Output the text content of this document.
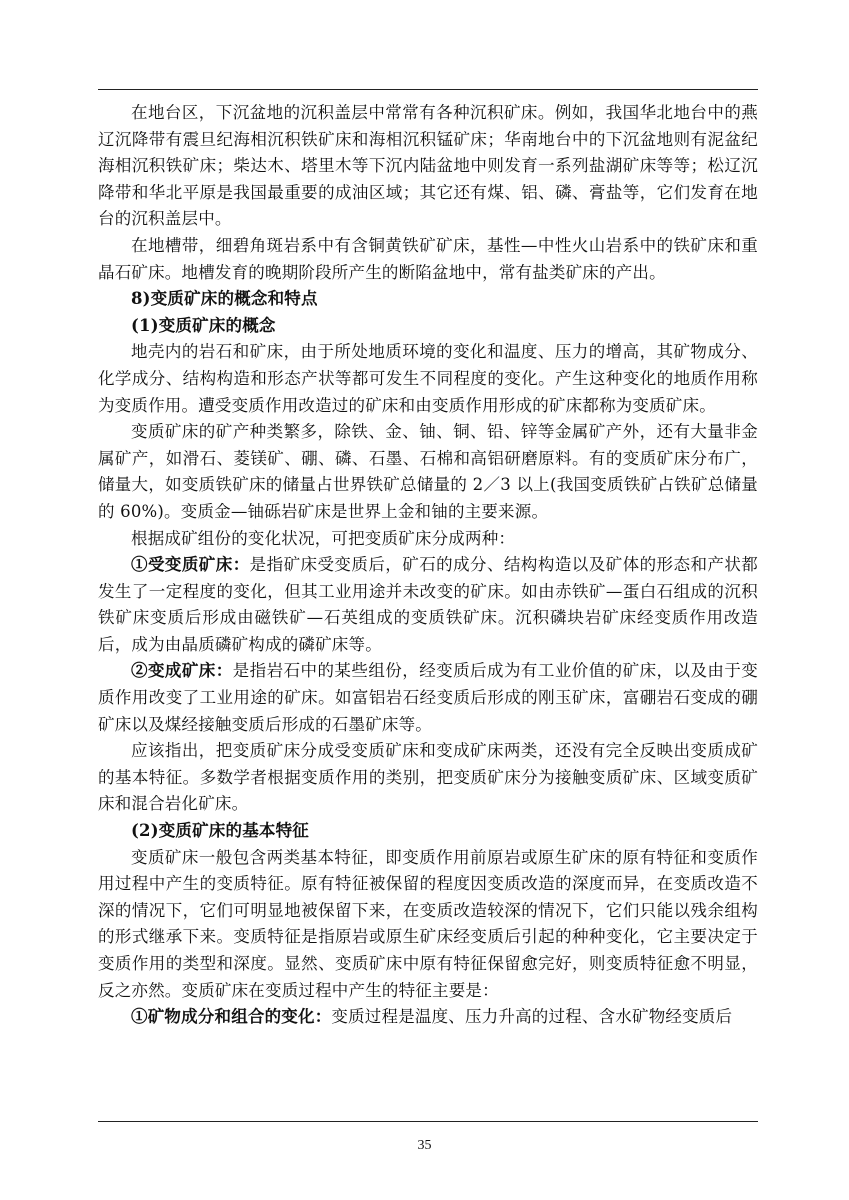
在地台区，下沉盆地的沉积盖层中常常有各种沉积矿床。例如，我国华北地台中的燕辽沉降带有震旦纪海相沉积铁矿床和海相沉积锰矿床；华南地台中的下沉盆地则有泥盆纪海相沉积铁矿床；柴达木、塔里木等下沉内陆盆地中则发育一系列盐湖矿床等等；松辽沉降带和华北平原是我国最重要的成油区域；其它还有煤、铝、磷、膏盐等，它们发育在地台的沉积盖层中。

在地槽带，细碧角斑岩系中有含铜黄铁矿矿床，基性—中性火山岩系中的铁矿床和重晶石矿床。地槽发育的晚期阶段所产生的断陷盆地中，常有盐类矿床的产出。

8)变质矿床的概念和特点

(1)变质矿床的概念

地壳内的岩石和矿床，由于所处地质环境的变化和温度、压力的增高，其矿物成分、化学成分、结构构造和形态产状等都可发生不同程度的变化。产生这种变化的地质作用称为变质作用。遭受变质作用改造过的矿床和由变质作用形成的矿床都称为变质矿床。

变质矿床的矿产种类繁多，除铁、金、铀、铜、铅、锌等金属矿产外，还有大量非金属矿产，如滑石、菱镁矿、硼、磷、石墨、石棉和高铝研磨原料。有的变质矿床分布广，储量大，如变质铁矿床的储量占世界铁矿总储量的 2／3 以上(我国变质铁矿占铁矿总储量的 60%)。变质金—铀砾岩矿床是世界上金和铀的主要来源。

根据成矿组份的变化状况，可把变质矿床分成两种：

①受变质矿床：是指矿床受变质后，矿石的成分、结构构造以及矿体的形态和产状都发生了一定程度的变化，但其工业用途并未改变的矿床。如由赤铁矿—蛋白石组成的沉积铁矿床变质后形成由磁铁矿—石英组成的变质铁矿床。沉积磷块岩矿床经变质作用改造后，成为由晶质磷矿构成的磷矿床等。

②变成矿床：是指岩石中的某些组份，经变质后成为有工业价值的矿床，以及由于变质作用改变了工业用途的矿床。如富铝岩石经变质后形成的刚玉矿床，富硼岩石变成的硼矿床以及煤经接触变质后形成的石墨矿床等。

应该指出，把变质矿床分成受变质矿床和变成矿床两类，还没有完全反映出变质成矿的基本特征。多数学者根据变质作用的类别，把变质矿床分为接触变质矿床、区域变质矿床和混合岩化矿床。

(2)变质矿床的基本特征

变质矿床一般包含两类基本特征，即变质作用前原岩或原生矿床的原有特征和变质作用过程中产生的变质特征。原有特征被保留的程度因变质改造的深度而异，在变质改造不深的情况下，它们可明显地被保留下来，在变质改造较深的情况下，它们只能以残余组构的形式继承下来。变质特征是指原岩或原生矿床经变质后引起的种种变化，它主要决定于变质作用的类型和深度。显然、变质矿床中原有特征保留愈完好，则变质特征愈不明显，反之亦然。变质矿床在变质过程中产生的特征主要是：

①矿物成分和组合的变化：变质过程是温度、压力升高的过程、含水矿物经变质后

35
